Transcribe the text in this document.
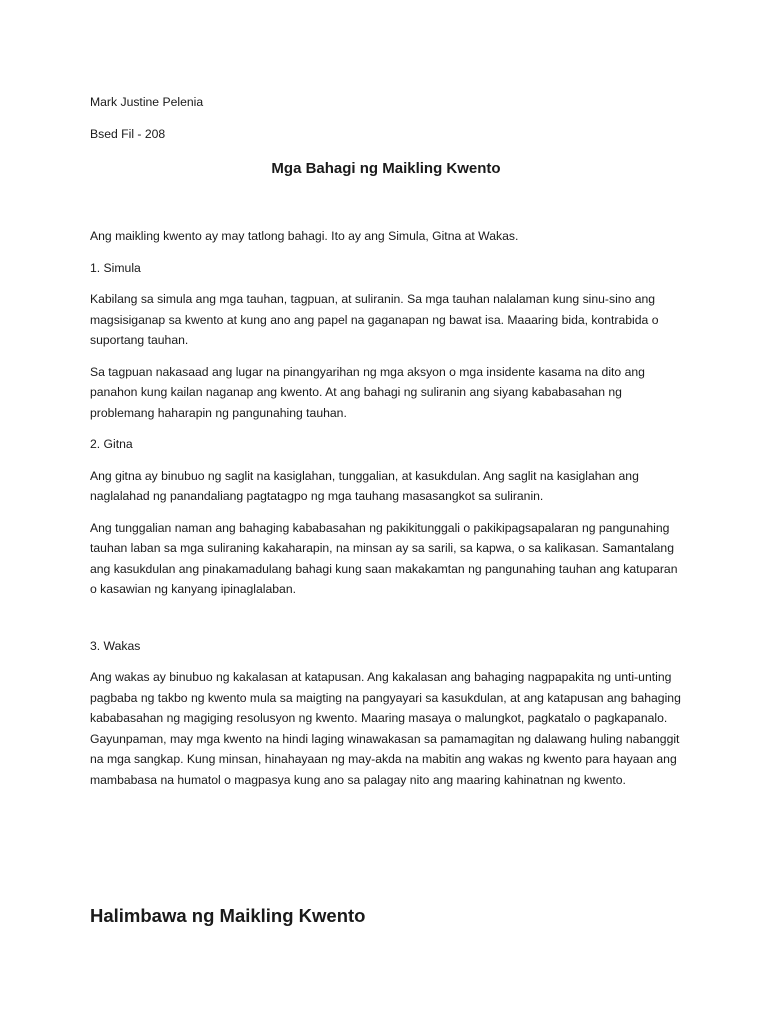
Mark Justine Pelenia

Bsed Fil - 208

Mga Bahagi ng Maikling Kwento

Ang maikling kwento ay may tatlong bahagi. Ito ay ang Simula, Gitna at Wakas.

1. Simula

Kabilang sa simula ang mga tauhan, tagpuan, at suliranin. Sa mga tauhan nalalaman kung sinu-sino ang magsisiganap sa kwento at kung ano ang papel na gaganapan ng bawat isa. Maaaring bida, kontrabida o suportang tauhan.

Sa tagpuan nakasaad ang lugar na pinangyarihan ng mga aksyon o mga insidente kasama na dito ang panahon kung kailan naganap ang kwento. At ang bahagi ng suliranin ang siyang kababasahan ng problemang haharapin ng pangunahing tauhan.

2. Gitna

Ang gitna ay binubuo ng saglit na kasiglahan, tunggalian, at kasukdulan. Ang saglit na kasiglahan ang naglalahad ng panandaliang pagtatagpo ng mga tauhang masasangkot sa suliranin.

Ang tunggalian naman ang bahaging kababasahan ng pakikitunggali o pakikipagsapalaran ng pangunahing tauhan laban sa mga suliraning kakaharapin, na minsan ay sa sarili, sa kapwa, o sa kalikasan. Samantalang ang kasukdulan ang pinakamadulang bahagi kung saan makakamtan ng pangunahing tauhan ang katuparan o kasawian ng kanyang ipinaglalaban.

3. Wakas

Ang wakas ay binubuo ng kakalasan at katapusan. Ang kakalasan ang bahaging nagpapakita ng unti-unting pagbaba ng takbo ng kwento mula sa maigting na pangyayari sa kasukdulan, at ang katapusan ang bahaging kababasahan ng magiging resolusyon ng kwento. Maaring masaya o malungkot, pagkatalo o pagkapanalo. Gayunpaman, may mga kwento na hindi laging winawakasan sa pamamagitan ng dalawang huling nabanggit na mga sangkap. Kung minsan, hinahayaan ng may-akda na mabitin ang wakas ng kwento para hayaan ang mambabasa na humatol o magpasya kung ano sa palagay nito ang maaring kahinatnan ng kwento.

Halimbawa ng Maikling Kwento
